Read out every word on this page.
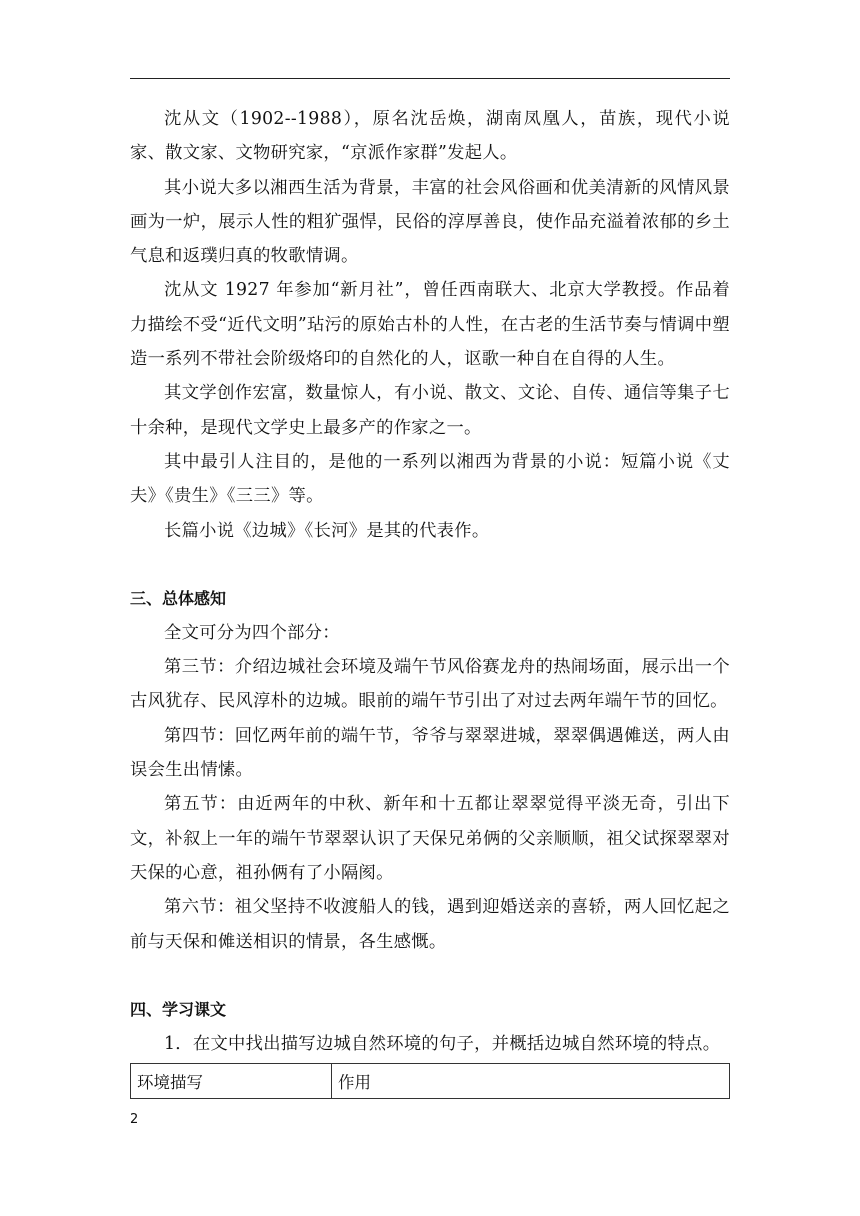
沈从文（1902--1988），原名沈岳焕，湖南凤凰人，苗族，现代小说家、散文家、文物研究家，“京派作家群”发起人。

其小说大多以湘西生活为背景，丰富的社会风俗画和优美清新的风情风景画为一炉，展示人性的粗犷强悍，民俗的淳厚善良，使作品充溢着浓郁的乡土气息和返璞归真的牧歌情调。

沈从文 1927 年参加“新月社”，曾任西南联大、北京大学教授。作品着力描绘不受“近代文明”玷污的原始古朴的人性，在古老的生活节奏与情调中塑造一系列不带社会阶级烙印的自然化的人，讴歌一种自在自得的人生。

其文学创作宏富，数量惊人，有小说、散文、文论、自传、通信等集子七十余种，是现代文学史上最多产的作家之一。

其中最引人注目的，是他的一系列以湘西为背景的小说：短篇小说《丈夫》《贵生》《三三》等。

长篇小说《边城》《长河》是其的代表作。

三、总体感知

全文可分为四个部分：

第三节：介绍边城社会环境及端午节风俗赛龙舟的热闹场面，展示出一个古风犹存、民风淳朴的边城。眼前的端午节引出了对过去两年端午节的回忆。

第四节：回忆两年前的端午节，爷爷与翠翠进城，翠翠偶遇傩送，两人由误会生出情愫。

第五节：由近两年的中秋、新年和十五都让翠翠觉得平淡无奇，引出下文，补叙上一年的端午节翠翠认识了天保兄弟俩的父亲顺顺，祖父试探翠翠对天保的心意，祖孙俩有了小隔阂。

第六节：祖父坚持不收渡船人的钱，遇到迎婚送亲的喜轿，两人回忆起之前与天保和傩送相识的情景，各生感慨。

四、学习课文

1．在文中找出描写边城自然环境的句子，并概括边城自然环境的特点。

环境描写	作用
2
